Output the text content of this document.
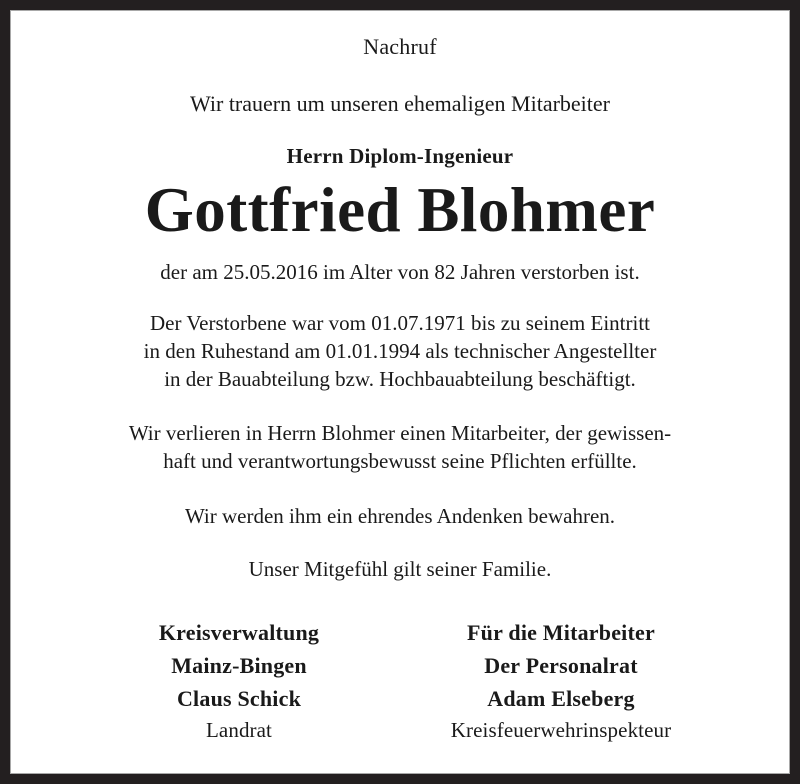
Nachruf
Wir trauern um unseren ehemaligen Mitarbeiter
Herrn Diplom-Ingenieur
Gottfried Blohmer
der am 25.05.2016 im Alter von 82 Jahren verstorben ist.
Der Verstorbene war vom 01.07.1971 bis zu seinem Eintritt
in den Ruhestand am 01.01.1994 als technischer Angestellter
in der Bauabteilung bzw. Hochbauabteilung beschäftigt.
Wir verlieren in Herrn Blohmer einen Mitarbeiter, der gewissen-
haft und verantwortungsbewusst seine Pflichten erfüllte.
Wir werden ihm ein ehrendes Andenken bewahren.
Unser Mitgefühl gilt seiner Familie.
Kreisverwaltung
Mainz-Bingen
Claus Schick
Landrat
Für die Mitarbeiter
Der Personalrat
Adam Elseberg
Kreisfeuerwehrinspekteur
